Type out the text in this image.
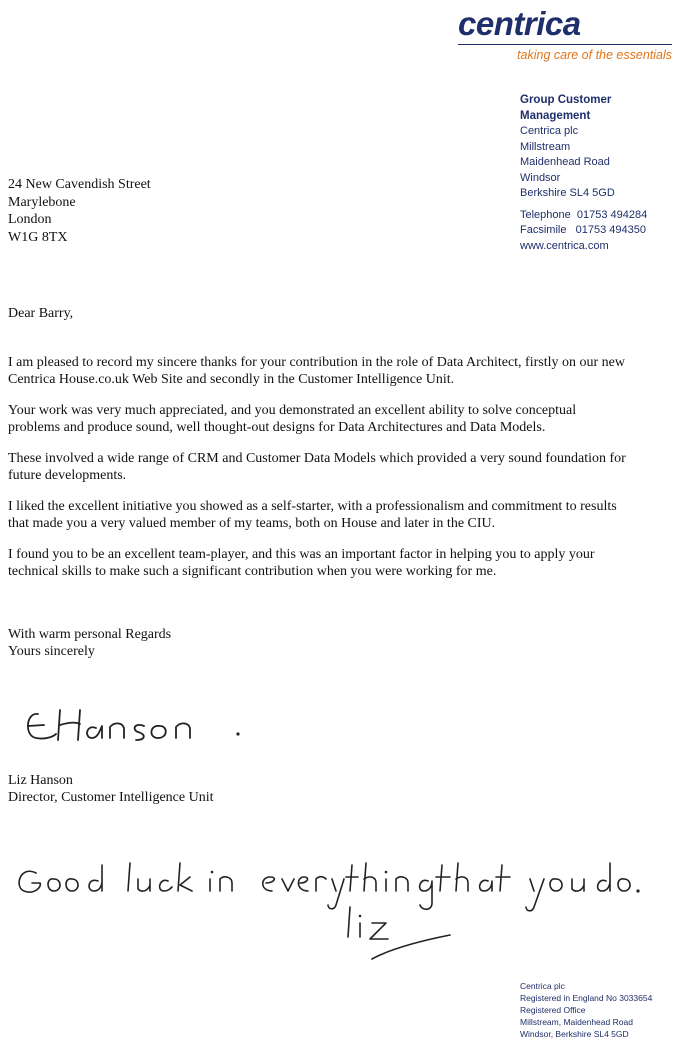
centrica
taking care of the essentials
Group Customer Management
Centrica plc
Millstream
Maidenhead Road
Windsor
Berkshire SL4 5GD
Telephone  01753 494284
Facsimile   01753 494350
www.centrica.com
24 New Cavendish Street
Marylebone
London
W1G 8TX
Dear Barry,

I am pleased to record my sincere thanks for your contribution in the role of Data Architect, firstly on our new Centrica House.co.uk Web Site and secondly in the Customer Intelligence Unit.

Your work was very much appreciated, and you demonstrated an excellent ability to solve conceptual problems and produce sound, well thought-out designs for Data Architectures and Data Models.

These involved a wide range of CRM and Customer Data Models which provided a very sound foundation for future developments.

I liked the excellent initiative you showed as a self-starter, with a professionalism and commitment to results that made you a very valued member of my teams, both on House and later in the CIU.

I found you to be an excellent team-player, and this was an important factor in helping you to apply your technical skills to make such a significant contribution when you were working for me.

With warm personal Regards
Yours sincerely
Liz Hanson
Director, Customer Intelligence Unit
Centrica plc
Registered in England No 3033654
Registered Office
Millstream, Maidenhead Road
Windsor, Berkshire SL4 5GD
